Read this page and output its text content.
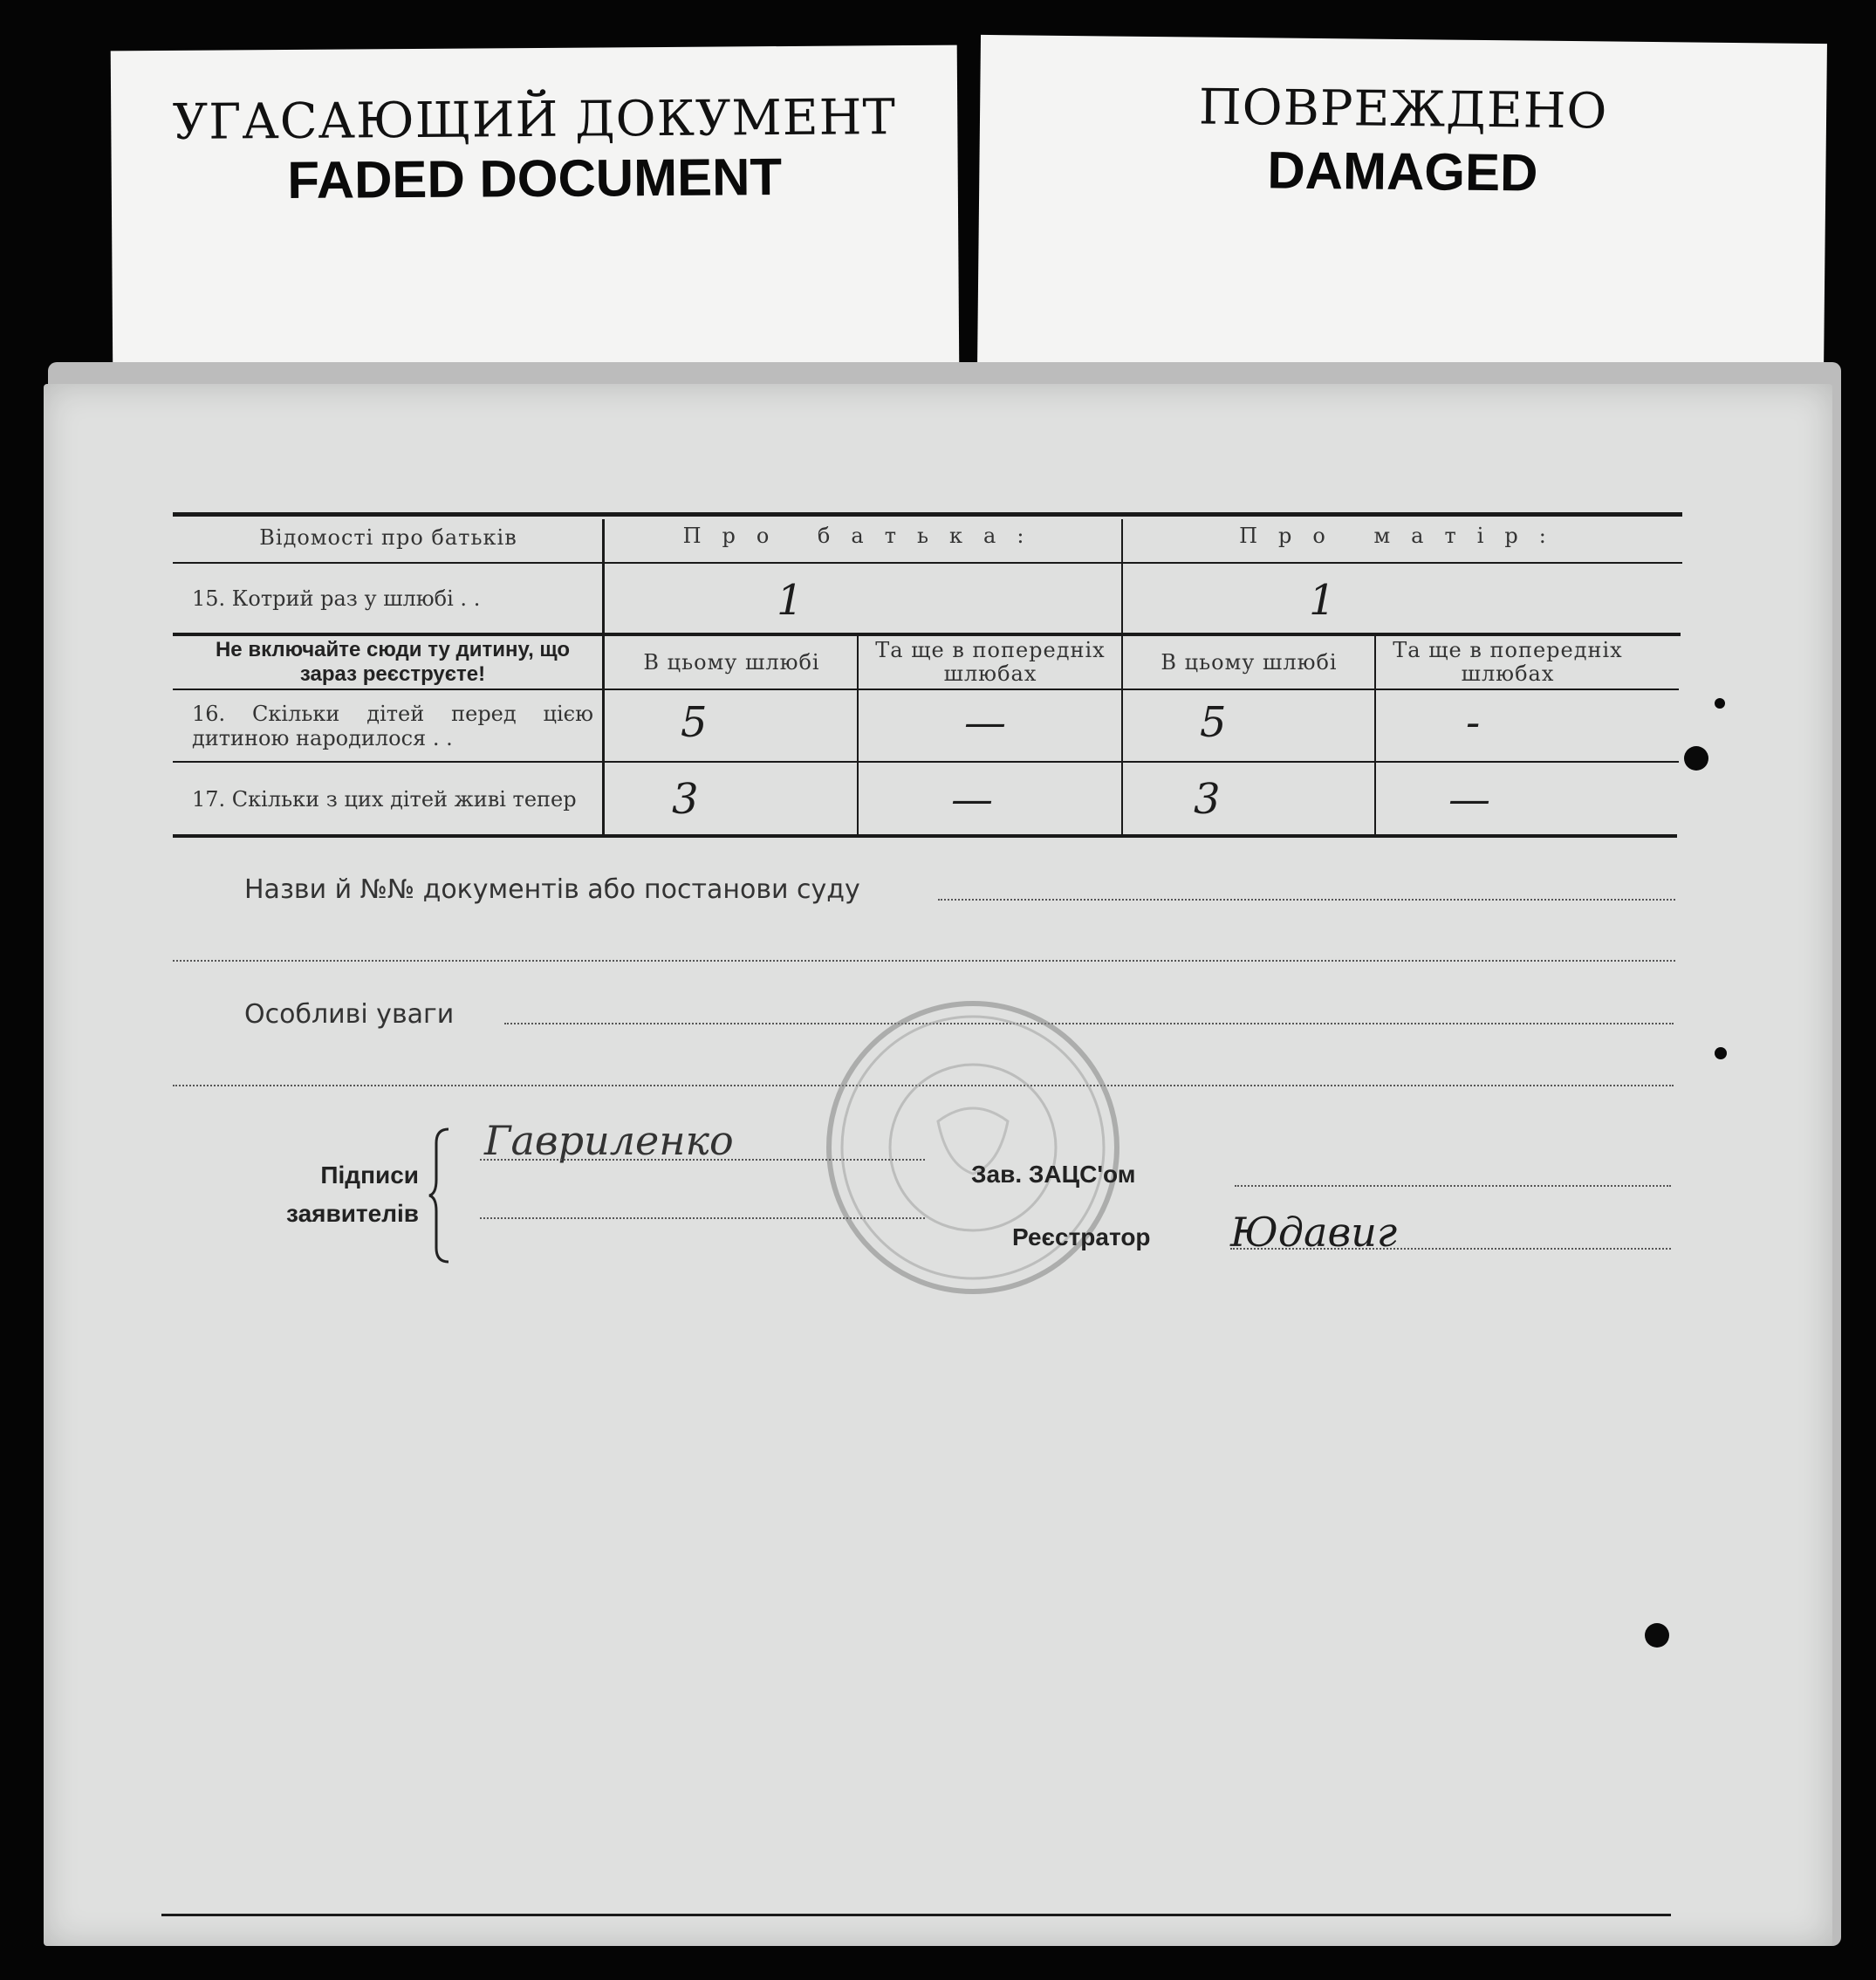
УГАСАЮЩИЙ ДОКУМЕНТ
FADED DOCUMENT
ПОВРЕЖДЕНО
DAMAGED
Відомості про батьків	Про батька:	Про матір:
15. Котрий раз у шлюбі . .	1	1
Не включайте сюди ту дитину, що зараз реєструєте!	В цьому шлюбі	Та ще в попередніх шлюбах	В цьому шлюбі	Та ще в попередніх шлюбах
16. Скільки дітей перед цією дитиною народилося . .	5	—	5	-
17. Скільки з цих дітей живі тепер	3	—	3	—
Назви й №№ документів або постанови суду
Особливі уваги
Підписи заявителів
Гавриленко
Зав. ЗАЦС'ом
Реєстратор Юдавиг
